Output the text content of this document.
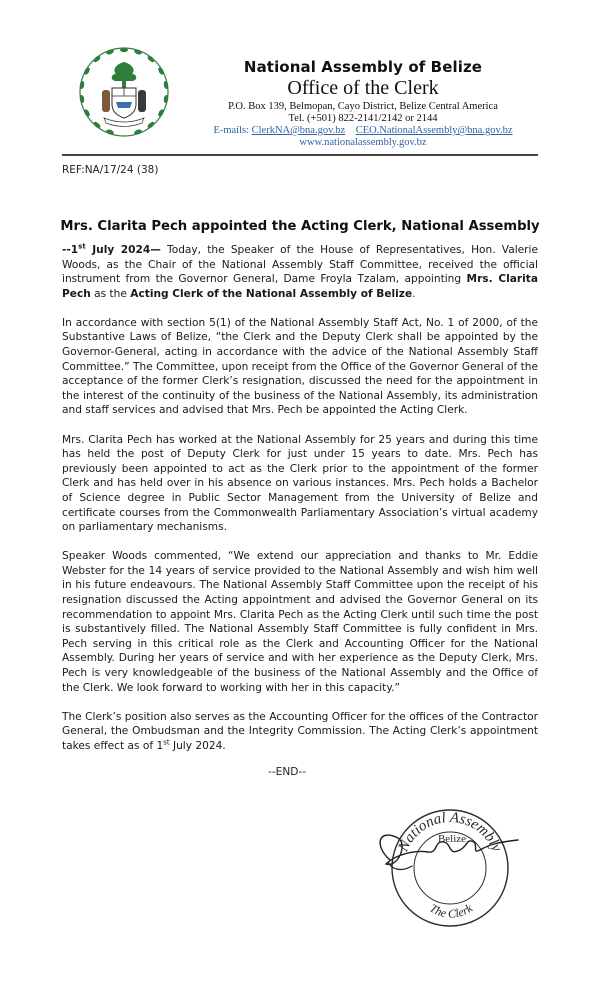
National Assembly of Belize
Office of the Clerk
P.O. Box 139, Belmopan, Cayo District, Belize Central America
Tel. (+501) 822-2141/2142 or 2144
E-mails: ClerkNA@bna.gov.bz CEO.NationalAssembly@bna.gov.bz
www.nationalassembly.gov.bz
REF:NA/17/24 (38)
Mrs. Clarita Pech appointed the Acting Clerk, National Assembly

--1st July 2024— Today, the Speaker of the House of Representatives, Hon. Valerie Woods, as the Chair of the National Assembly Staff Committee, received the official instrument from the Governor General, Dame Froyla Tzalam, appointing Mrs. Clarita Pech as the Acting Clerk of the National Assembly of Belize.

In accordance with section 5(1) of the National Assembly Staff Act, No. 1 of 2000, of the Substantive Laws of Belize, “the Clerk and the Deputy Clerk shall be appointed by the Governor-General, acting in accordance with the advice of the National Assembly Staff Committee.” The Committee, upon receipt from the Office of the Governor General of the acceptance of the former Clerk’s resignation, discussed the need for the appointment in the interest of the continuity of the business of the National Assembly, its administration and staff services and advised that Mrs. Pech be appointed the Acting Clerk.

Mrs. Clarita Pech has worked at the National Assembly for 25 years and during this time has held the post of Deputy Clerk for just under 15 years to date. Mrs. Pech has previously been appointed to act as the Clerk prior to the appointment of the former Clerk and has held over in his absence on various instances. Mrs. Pech holds a Bachelor of Science degree in Public Sector Management from the University of Belize and certificate courses from the Commonwealth Parliamentary Association’s virtual academy on parliamentary mechanisms.

Speaker Woods commented, “We extend our appreciation and thanks to Mr. Eddie Webster for the 14 years of service provided to the National Assembly and wish him well in his future endeavours. The National Assembly Staff Committee upon the receipt of his resignation discussed the Acting appointment and advised the Governor General on its recommendation to appoint Mrs. Clarita Pech as the Acting Clerk until such time the post is substantively filled. The National Assembly Staff Committee is fully confident in Mrs. Pech serving in this critical role as the Clerk and Accounting Officer for the National Assembly. During her years of service and with her experience as the Deputy Clerk, Mrs. Pech is very knowledgeable of the business of the National Assembly and the Office of the Clerk. We look forward to working with her in this capacity.”

The Clerk’s position also serves as the Accounting Officer for the offices of the Contractor General, the Ombudsman and the Integrity Commission. The Acting Clerk’s appointment takes effect as of 1st July 2024.

--END--
National Assembly
Belize
The Clerk
